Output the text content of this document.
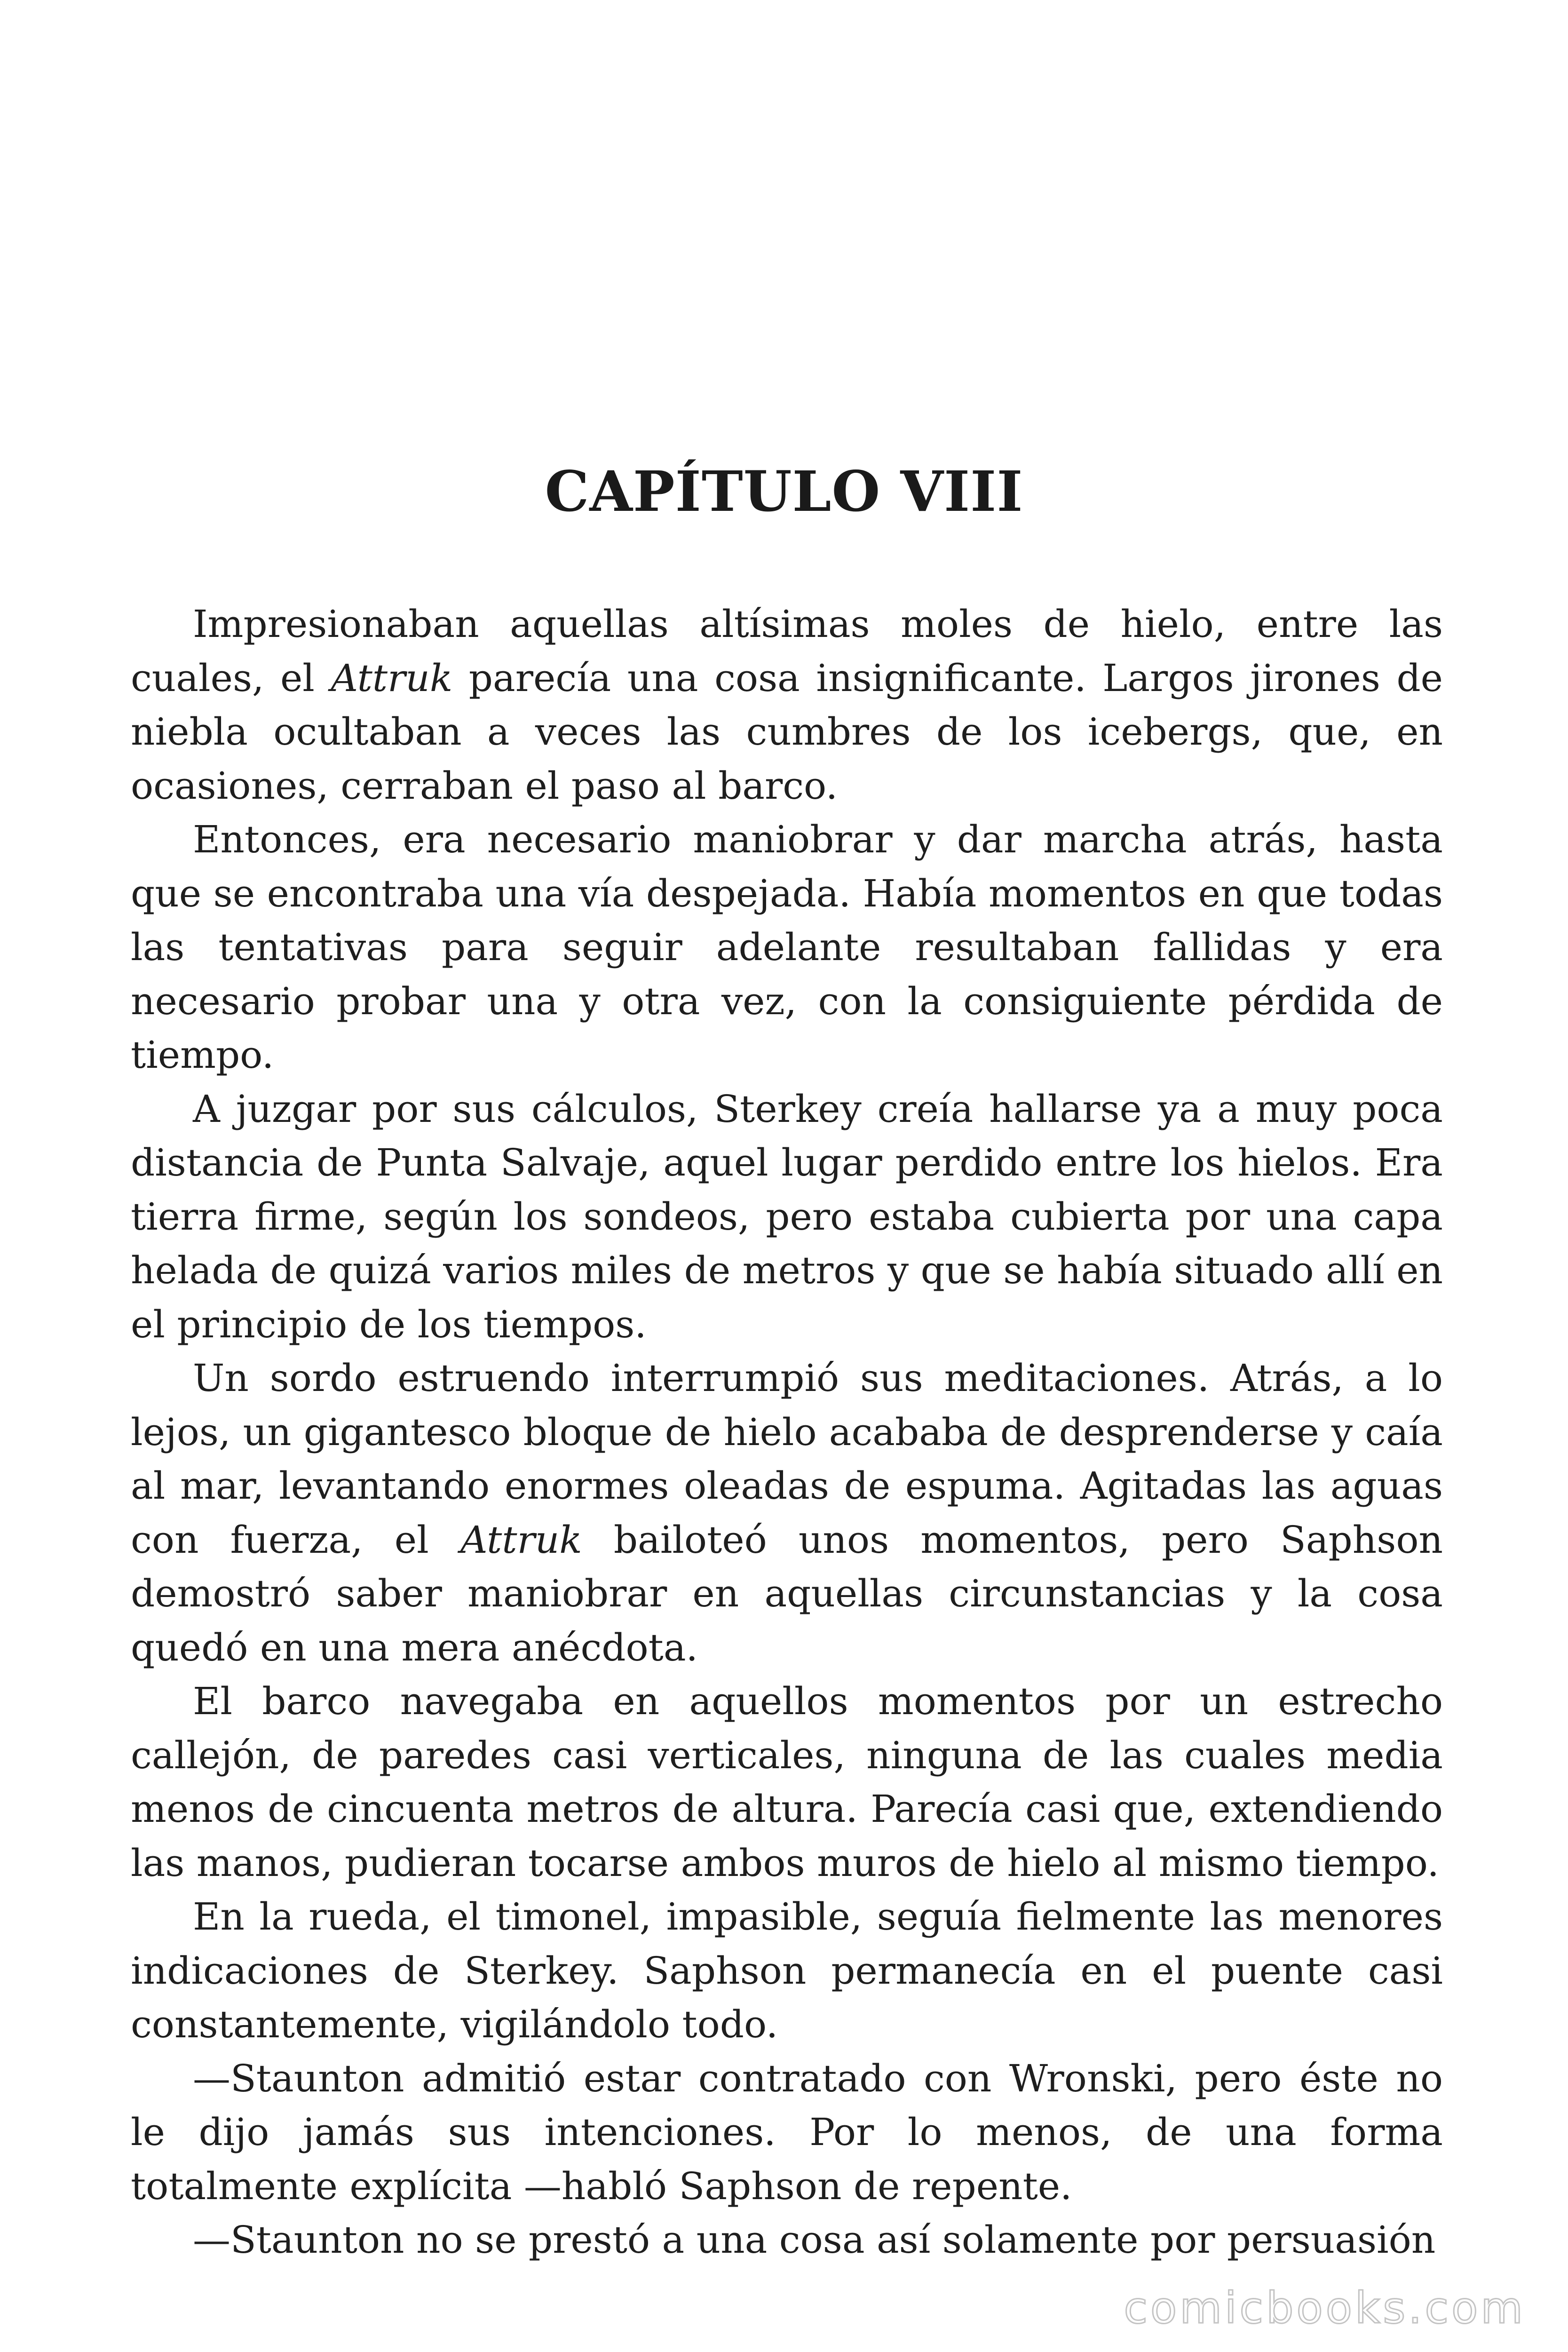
CAPÍTULO VIII

Impresionaban aquellas altísimas moles de hielo, entre las cuales, el Attruk parecía una cosa insignificante. Largos jirones de niebla ocultaban a veces las cumbres de los icebergs, que, en ocasiones, cerraban el paso al barco.

Entonces, era necesario maniobrar y dar marcha atrás, hasta que se encontraba una vía despejada. Había momentos en que todas las tentativas para seguir adelante resultaban fallidas y era necesario probar una y otra vez, con la consiguiente pérdida de tiempo.

A juzgar por sus cálculos, Sterkey creía hallarse ya a muy poca distancia de Punta Salvaje, aquel lugar perdido entre los hielos. Era tierra firme, según los sondeos, pero estaba cubierta por una capa helada de quizá varios miles de metros y que se había situado allí en el principio de los tiempos.

Un sordo estruendo interrumpió sus meditaciones. Atrás, a lo lejos, un gigantesco bloque de hielo acababa de desprenderse y caía al mar, levantando enormes oleadas de espuma. Agitadas las aguas con fuerza, el Attruk bailoteó unos momentos, pero Saphson demostró saber maniobrar en aquellas circunstancias y la cosa quedó en una mera anécdota.

El barco navegaba en aquellos momentos por un estrecho callejón, de paredes casi verticales, ninguna de las cuales media menos de cincuenta metros de altura. Parecía casi que, extendiendo las manos, pudieran tocarse ambos muros de hielo al mismo tiempo.

En la rueda, el timonel, impasible, seguía fielmente las menores indicaciones de Sterkey. Saphson permanecía en el puente casi constantemente, vigilándolo todo.

—Staunton admitió estar contratado con Wronski, pero éste no le dijo jamás sus intenciones. Por lo menos, de una forma totalmente explícita —habló Saphson de repente.

—Staunton no se prestó a una cosa así solamente por persuasión

comicbooks.com
